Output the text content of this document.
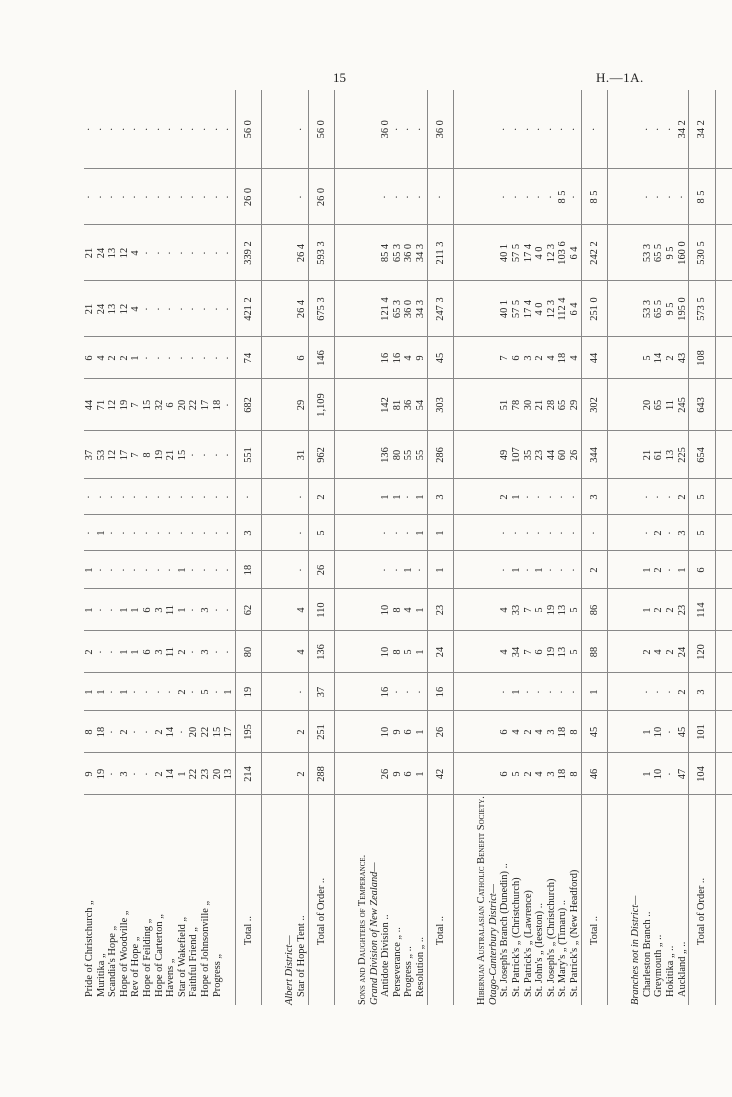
15	H.—1A.
Pride of Christchurch „	9	8	1	2	1	1	·	·	37	44	6	21	21	·	·
Muritika „	19	18	1	·	·	·	1	·	53	71	4	24	24	·	·
Scandia's Hope „	·	·	·	·	·	·	·	·	12	12	2	13	13	·	·
Hope of Woodville „	3	2	1	1	1	·	·	·	17	19	2	12	12	·	·
Rev of Hope „	·	·	·	1	1	·	·	·	7	7	1	4	4	·	·
Hope of Feilding „	·	·	·	6	6	·	·	·	8	15	·	·	·	·	·
Hope of Carterton „	2	2	·	3	3	·	·	·	19	32	·	·	·	·	·
Havens „	14	14	·	11	11	·	·	·	21	6	·	·	·	·	·
Star of Wakefield „	1	·	2	2	1	1	·	·	15	20	·	·	·	·	·
Faithful Friend „	22	20	·	·	·	·	·	·	·	22	·	·	·	·	·
Hope of Johnsonville „	23	22	5	3	3	·	·	·	·	17	·	·	·	·	·
Progress „	20	15	·	·	·	·	·	·	·	18	·	·	·	·	·
	13	17	1	·	·	·	·	·	·	·	·	·	·	·	·
Total ..	214	195	19	80	62	18	3	·	551	682	74	421 2	339 2	26 0	56 0

Albert District—															
Star of Hope Tent ..	2	2	·	4	4	·	·	·	31	29	6	26 4	26 4	·	·
Total of Order ..	288	251	37	136	110	26	5	2	962	1,109	146	675 3	593 3	26 0	56 0

Sons and Daughters of Temperance.															
Grand Division of New Zealand—															
Antidote Division ..	26	10	16	10	10	·	·	1	136	142	16	121 4	85 4	·	36 0
Perseverance „ ..	9	9	·	8	8	·	·	1	80	81	16	65 3	65 3	·	·
Progress „ ..	6	6	·	5	4	1	·	·	55	36	4	36 0	36 0	·	·
Resolution „ ..	1	1	·	1	1	·	1	1	55	54	9	34 3	34 3	·	·
Total ..	42	26	16	24	23	1	1	3	286	303	45	247 3	211 3	·	36 0

Hibernian Australasian Catholic Benefit Society.															
Otago-Canterbury District—															
St. Joseph's Branch (Dunedin) ..	6	6	·	4	4	·	·	2	49	51	7	40 1	40 1	·	·
St. Patrick's „ (Christchurch)	5	4	1	34	33	1	·	1	107	78	6	57 5	57 5	·	·
St. Patrick's „ (Lawrence)	2	2	·	7	7	·	·	·	35	30	3	17 4	17 4	·	·
St. John's „ (Ieeston) ..	4	4	·	6	5	1	·	·	23	21	2	4 0	4 0	·	·
St. Joseph's „ (Christchurch)	3	3	·	19	19	·	·	·	44	28	4	12 3	12 3	·	·
St. Mary's „ (Timaru) ..	18	18	·	13	13	·	·	·	60	65	18	112 4	103 6	8 5	·
St. Patrick's „ (New Headford)	8	8	·	5	5	·	·	·	26	29	4	6 4	6 4	·	·
Total ..	46	45	1	88	86	2	·	3	344	302	44	251 0	242 2	8 5	·

Branches not in District—															
Charleston Branch ..	1	1	·	2	1	1	·	·	21	20	5	53 3	53 3	·	·
Greymouth „ ..	10	10	·	4	2	2	2	·	61	65	14	65 5	65 5	·	·
Hokitika „ ..	·	·	·	2	2	·	·	·	13	11	2	9 5	9 5	·	·
Auckland „ ..	47	45	2	24	23	1	3	2	225	245	43	195 0	160 0	·	34 2
Total of Order ..	104	101	3	120	114	6	5	5	654	643	108	573 5	530 5	8 5	34 2
